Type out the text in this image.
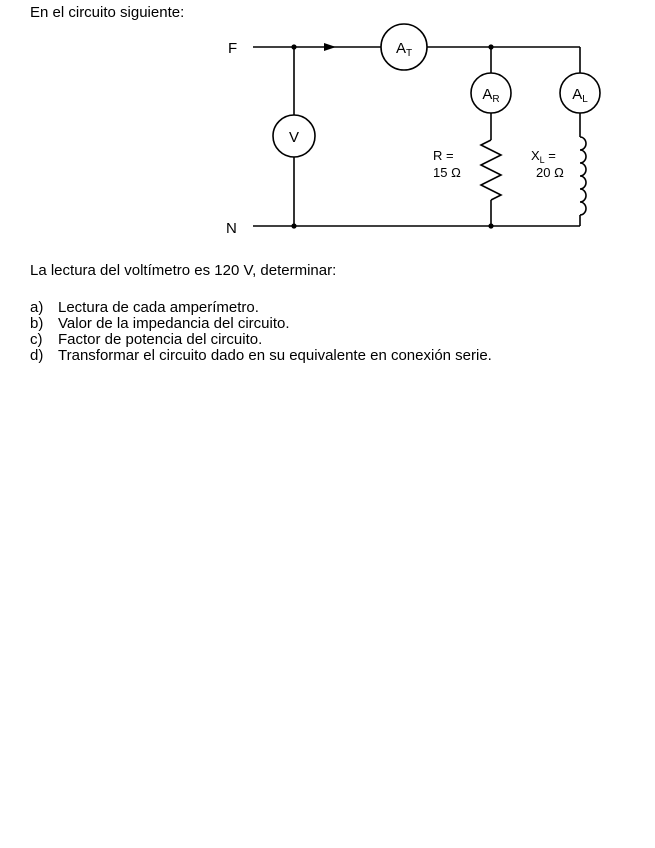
En el circuito siguiente:

F
N
V
$A_T$
$A_R$	$A_L$
R =
15 Ω
$X_L$ =
20 Ω

La lectura del voltímetro es 120 V, determinar:

a) Lectura de cada amperímetro.
b) Valor de la impedancia del circuito.
c) Factor de potencia del circuito.
d) Transformar el circuito dado en su equivalente en conexión serie.
